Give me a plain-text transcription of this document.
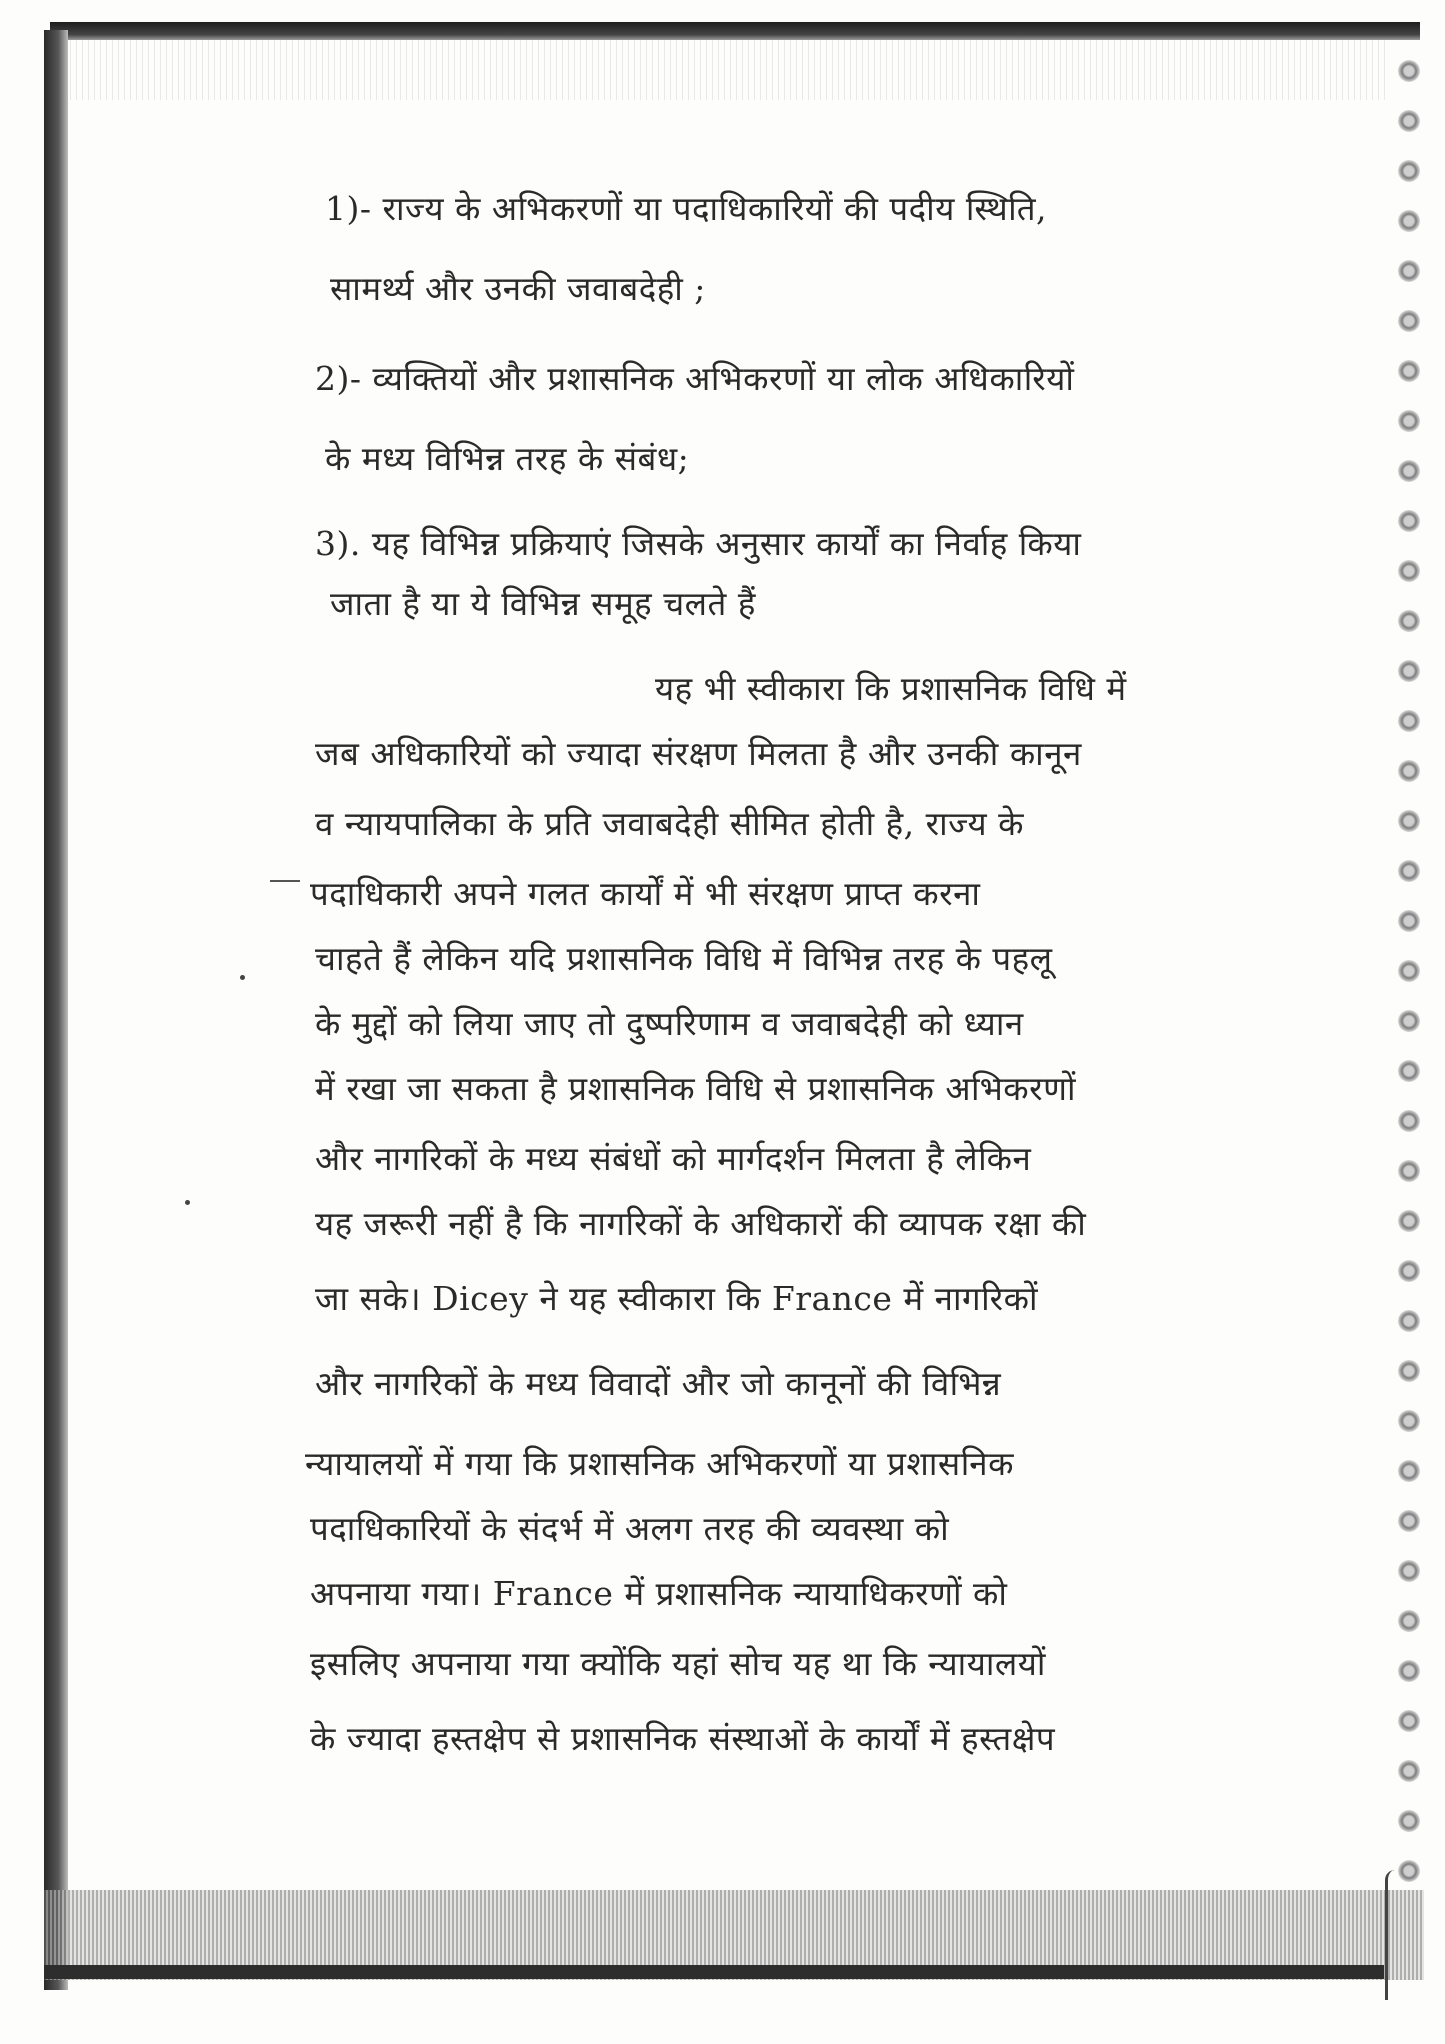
1)- राज्य के अभिकरणों या पदाधिकारियों की पदीय स्थिति,
सामर्थ्य और उनकी जवाबदेही ;
2)- व्यक्तियों और प्रशासनिक अभिकरणों या लोक अधिकारियों
के मध्य विभिन्न तरह के संबंध;
3). यह विभिन्न प्रक्रियाएं जिसके अनुसार कार्यों का निर्वाह किया
जाता है या ये विभिन्न समूह चलते हैं
यह भी स्वीकारा कि प्रशासनिक विधि में
जब अधिकारियों को ज्यादा संरक्षण मिलता है और उनकी कानून
व न्यायपालिका के प्रति जवाबदेही सीमित होती है, राज्य के
पदाधिकारी अपने गलत कार्यों में भी संरक्षण प्राप्त करना
चाहते हैं लेकिन यदि प्रशासनिक विधि में विभिन्न तरह के पहलू
के मुद्दों को लिया जाए तो दुष्परिणाम व जवाबदेही को ध्यान
में रखा जा सकता है प्रशासनिक विधि से प्रशासनिक अभिकरणों
और नागरिकों के मध्य संबंधों को मार्गदर्शन मिलता है लेकिन
यह जरूरी नहीं है कि नागरिकों के अधिकारों की व्यापक रक्षा की
जा सके। Dicey ने यह स्वीकारा कि France में नागरिकों
और नागरिकों के मध्य विवादों और जो कानूनों की विभिन्न
न्यायालयों में गया कि प्रशासनिक अभिकरणों या प्रशासनिक
पदाधिकारियों के संदर्भ में अलग तरह की व्यवस्था को
अपनाया गया। France में प्रशासनिक न्यायाधिकरणों को
इसलिए अपनाया गया क्योंकि यहां सोच यह था कि न्यायालयों
के ज्यादा हस्तक्षेप से प्रशासनिक संस्थाओं के कार्यों में हस्तक्षेप
